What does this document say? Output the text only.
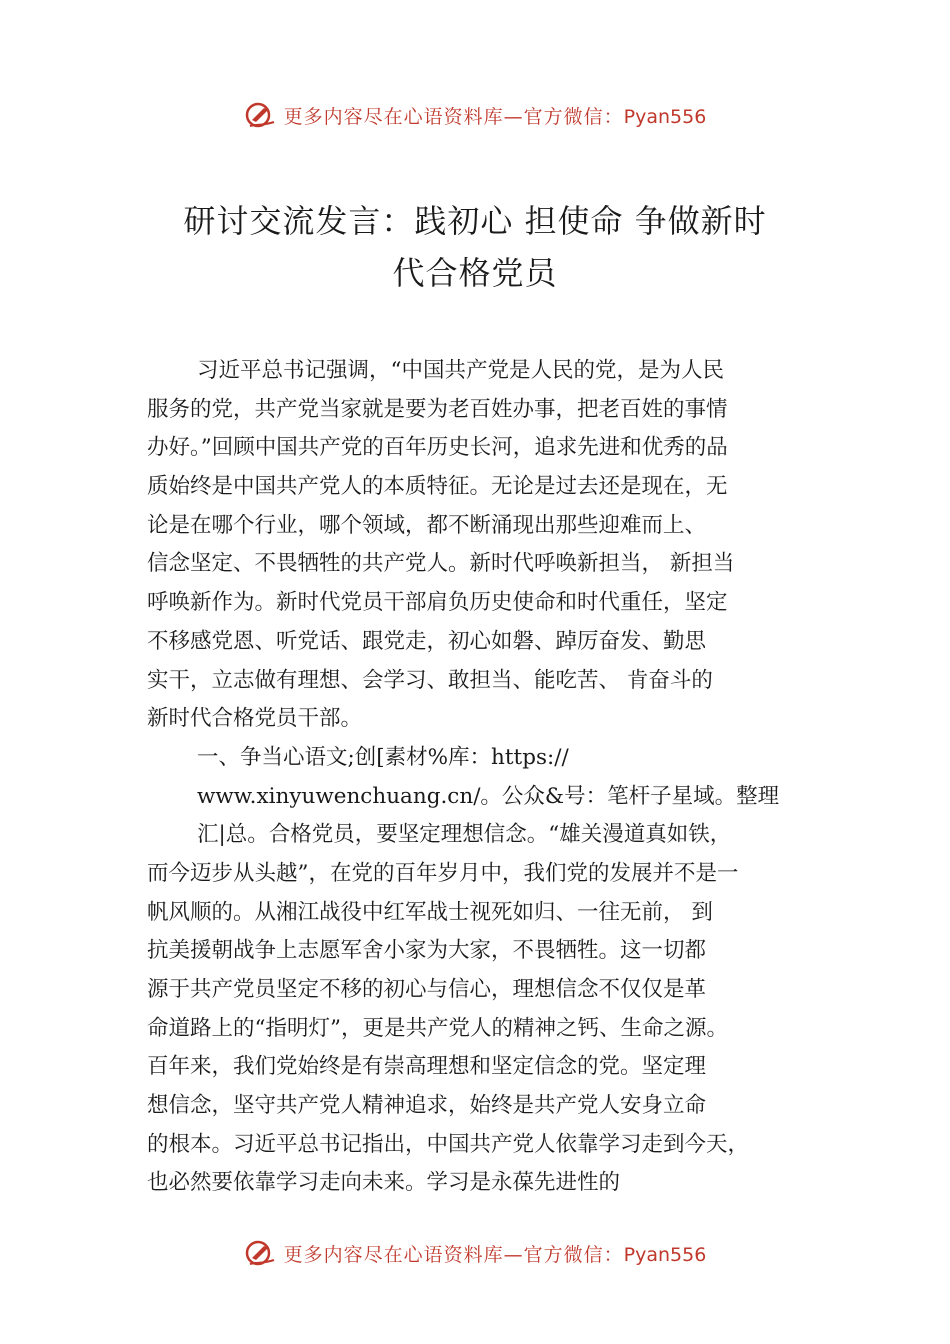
更多内容尽在心语资料库—官方微信：Pyan556
研讨交流发言：践初心 担使命 争做新时
代合格党员
习近平总书记强调，“中国共产党是人民的党，是为人民
服务的党，共产党当家就是要为老百姓办事，把老百姓的事情
办好。”回顾中国共产党的百年历史长河，追求先进和优秀的品
质始终是中国共产党人的本质特征。无论是过去还是现在，无
论是在哪个行业，哪个领域，都不断涌现出那些迎难而上、
信念坚定、不畏牺牲的共产党人。新时代呼唤新担当， 新担当
呼唤新作为。新时代党员干部肩负历史使命和时代重任，坚定
不移感党恩、听党话、跟党走，初心如磐、踔厉奋发、勤思
实干，立志做有理想、会学习、敢担当、能吃苦、 肯奋斗的
新时代合格党员干部。
一、争当心语文;创[素材%库：https://
www.xinyuwenchuang.cn/。公众&号：笔杆子星域。整理
汇|总。合格党员，要坚定理想信念。“雄关漫道真如铁，
而今迈步从头越”，在党的百年岁月中，我们党的发展并不是一
帆风顺的。从湘江战役中红军战士视死如归、一往无前， 到
抗美援朝战争上志愿军舍小家为大家，不畏牺牲。这一切都
源于共产党员坚定不移的初心与信心，理想信念不仅仅是革
命道路上的“指明灯”，更是共产党人的精神之钙、生命之源。
百年来，我们党始终是有崇高理想和坚定信念的党。坚定理
想信念，坚守共产党人精神追求，始终是共产党人安身立命
的根本。习近平总书记指出，中国共产党人依靠学习走到今天，
也必然要依靠学习走向未来。学习是永葆先进性的
更多内容尽在心语资料库—官方微信：Pyan556
